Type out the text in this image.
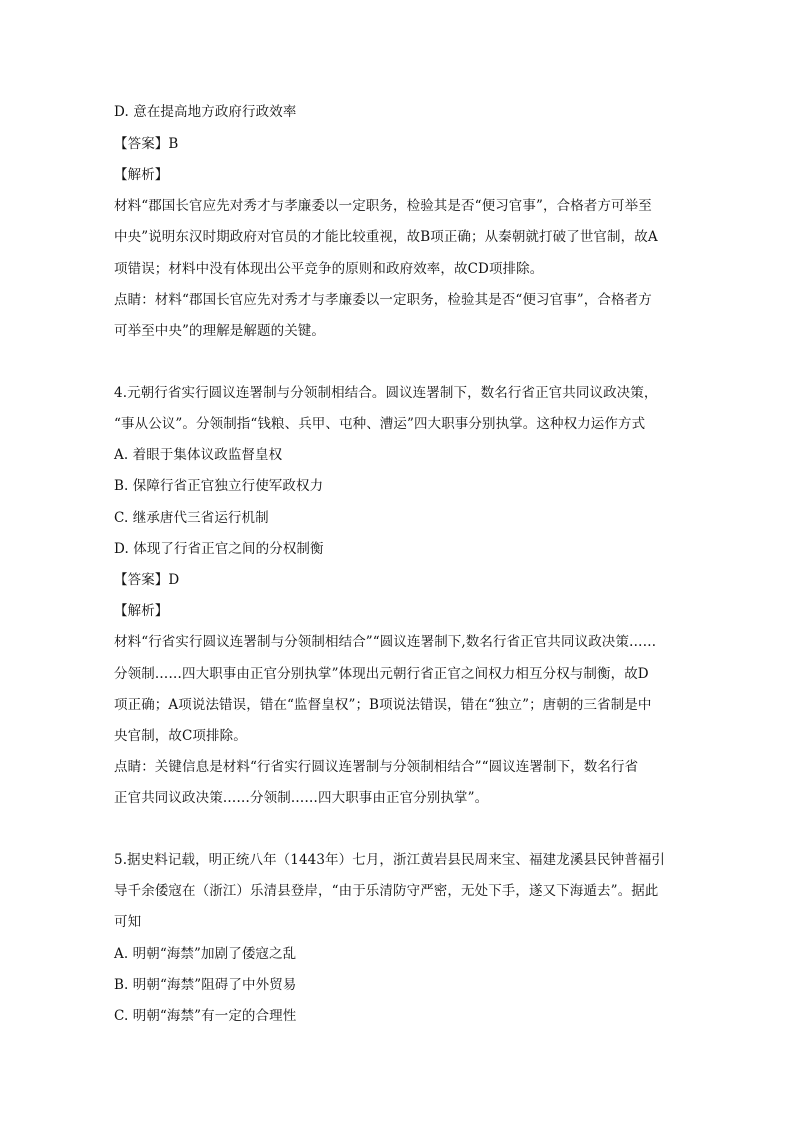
D. 意在提高地方政府行政效率
【答案】B
【解析】
材料“郡国长官应先对秀才与孝廉委以一定职务，检验其是否“便习官事”，合格者方可举至
中央”说明东汉时期政府对官员的才能比较重视，故B项正确；从秦朝就打破了世官制，故A
项错误；材料中没有体现出公平竞争的原则和政府效率，故CD项排除。
点睛：材料“郡国长官应先对秀才与孝廉委以一定职务，检验其是否“便习官事”，合格者方
可举至中央”的理解是解题的关键。
4.元朝行省实行圆议连署制与分领制相结合。圆议连署制下，数名行省正官共同议政决策，
“事从公议”。分领制指“钱粮、兵甲、屯种、漕运”四大职事分别执掌。这种权力运作方式
A. 着眼于集体议政监督皇权
B. 保障行省正官独立行使军政权力
C. 继承唐代三省运行机制
D. 体现了行省正官之间的分权制衡
【答案】D
【解析】
材料“行省实行圆议连署制与分领制相结合”“圆议连署制下,数名行省正官共同议政决策……
分领制……四大职事由正官分别执掌”体现出元朝行省正官之间权力相互分权与制衡，故D
项正确；A项说法错误，错在“监督皇权”；B项说法错误，错在“独立”；唐朝的三省制是中
央官制，故C项排除。
点睛：关键信息是材料“行省实行圆议连署制与分领制相结合”“圆议连署制下，数名行省
正官共同议政决策……分领制……四大职事由正官分别执掌”。
5.据史料记载，明正统八年（1443年）七月，浙江黄岩县民周来宝、福建龙溪县民钟普福引
导千余倭寇在（浙江）乐清县登岸，“由于乐清防守严密，无处下手，遂又下海遁去”。据此
可知
A. 明朝“海禁”加剧了倭寇之乱
B. 明朝“海禁”阻碍了中外贸易
C. 明朝“海禁”有一定的合理性
